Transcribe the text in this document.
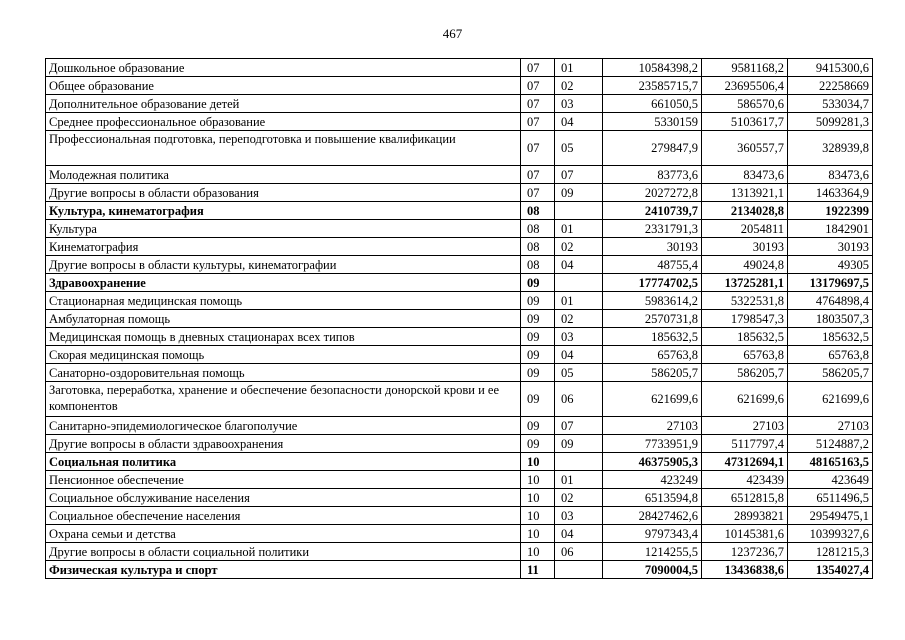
467
Дошкольное образование	07	01	10584398,2	9581168,2	9415300,6
Общее образование	07	02	23585715,7	23695506,4	22258669
Дополнительное образование детей	07	03	661050,5	586570,6	533034,7
Среднее профессиональное образование	07	04	5330159	5103617,7	5099281,3
Профессиональная подготовка, переподготовка и повышение квалификации	07	05	279847,9	360557,7	328939,8
Молодежная политика	07	07	83773,6	83473,6	83473,6
Другие вопросы в области образования	07	09	2027272,8	1313921,1	1463364,9
Культура, кинематография	08		2410739,7	2134028,8	1922399
Культура	08	01	2331791,3	2054811	1842901
Кинематография	08	02	30193	30193	30193
Другие вопросы в области культуры, кинематографии	08	04	48755,4	49024,8	49305
Здравоохранение	09		17774702,5	13725281,1	13179697,5
Стационарная медицинская помощь	09	01	5983614,2	5322531,8	4764898,4
Амбулаторная помощь	09	02	2570731,8	1798547,3	1803507,3
Медицинская помощь в дневных стационарах всех типов	09	03	185632,5	185632,5	185632,5
Скорая медицинская помощь	09	04	65763,8	65763,8	65763,8
Санаторно-оздоровительная помощь	09	05	586205,7	586205,7	586205,7
Заготовка, переработка, хранение и обеспечение безопасности донорской крови и ее компонентов	09	06	621699,6	621699,6	621699,6
Санитарно-эпидемиологическое благополучие	09	07	27103	27103	27103
Другие вопросы в области здравоохранения	09	09	7733951,9	5117797,4	5124887,2
Социальная политика	10		46375905,3	47312694,1	48165163,5
Пенсионное обеспечение	10	01	423249	423439	423649
Социальное обслуживание населения	10	02	6513594,8	6512815,8	6511496,5
Социальное обеспечение населения	10	03	28427462,6	28993821	29549475,1
Охрана семьи и детства	10	04	9797343,4	10145381,6	10399327,6
Другие вопросы в области социальной политики	10	06	1214255,5	1237236,7	1281215,3
Физическая культура и спорт	11		7090004,5	13436838,6	1354027,4
